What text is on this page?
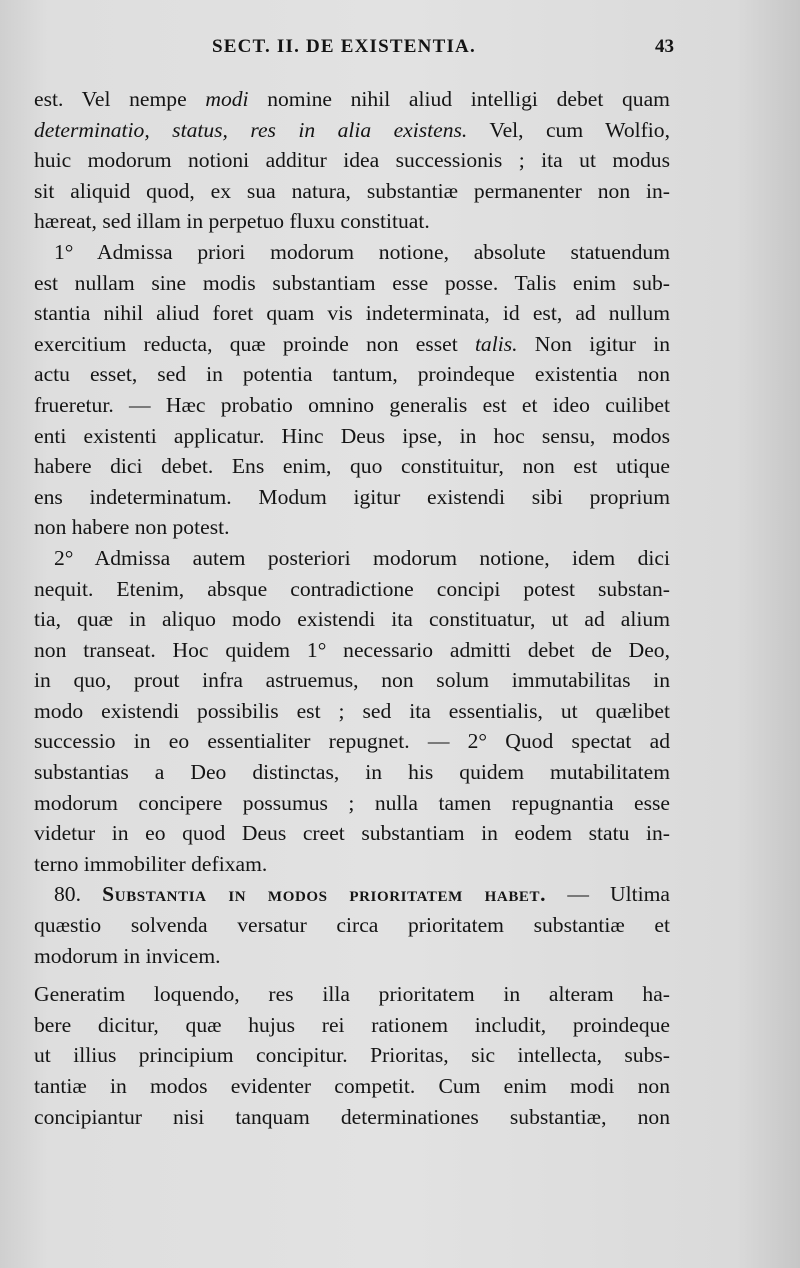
SECT. II. DE EXISTENTIA.	43

est. Vel nempe modi nomine nihil aliud intelligi debet quam
determinatio, status, res in alia existens. Vel, cum Wolfio,
huic modorum notioni additur idea successionis ; ita ut modus
sit aliquid quod, ex sua natura, substantiæ permanenter non in-
hæreat, sed illam in perpetuo fluxu constituat.

1° Admissa priori modorum notione, absolute statuendum
est nullam sine modis substantiam esse posse. Talis enim sub-
stantia nihil aliud foret quam vis indeterminata, id est, ad nullum
exercitium reducta, quæ proinde non esset talis. Non igitur in
actu esset, sed in potentia tantum, proindeque existentia non
frueretur. — Hæc probatio omnino generalis est et ideo cuilibet
enti existenti applicatur. Hinc Deus ipse, in hoc sensu, modos
habere dici debet. Ens enim, quo constituitur, non est utique
ens indeterminatum. Modum igitur existendi sibi proprium
non habere non potest.

2° Admissa autem posteriori modorum notione, idem dici
nequit. Etenim, absque contradictione concipi potest substan-
tia, quæ in aliquo modo existendi ita constituatur, ut ad alium
non transeat. Hoc quidem 1° necessario admitti debet de Deo,
in quo, prout infra astruemus, non solum immutabilitas in
modo existendi possibilis est ; sed ita essentialis, ut quælibet
successio in eo essentialiter repugnet. — 2° Quod spectat ad
substantias a Deo distinctas, in his quidem mutabilitatem
modorum concipere possumus ; nulla tamen repugnantia esse
videtur in eo quod Deus creet substantiam in eodem statu in-
terno immobiliter defixam.

80. Substantia in modos prioritatem habet. — Ultima
quæstio solvenda versatur circa prioritatem substantiæ et
modorum in invicem.

Generatim loquendo, res illa prioritatem in alteram ha-
bere dicitur, quæ hujus rei rationem includit, proindeque
ut illius principium concipitur. Prioritas, sic intellecta, subs-
tantiæ in modos evidenter competit. Cum enim modi non
concipiantur nisi tanquam determinationes substantiæ, non
